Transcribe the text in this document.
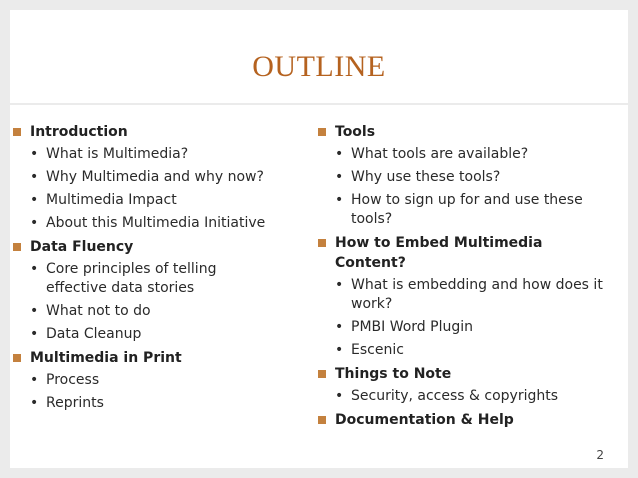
OUTLINE
Introduction
• What is Multimedia?
• Why Multimedia and why now?
• Multimedia Impact
• About this Multimedia Initiative
Data Fluency
• Core principles of telling effective data stories
• What not to do
• Data Cleanup
Multimedia in Print
• Process
• Reprints
Tools
• What tools are available?
• Why use these tools?
• How to sign up for and use these tools?
How to Embed Multimedia Content?
• What is embedding and how does it work?
• PMBI Word Plugin
• Escenic
Things to Note
• Security, access & copyrights
Documentation & Help
2
